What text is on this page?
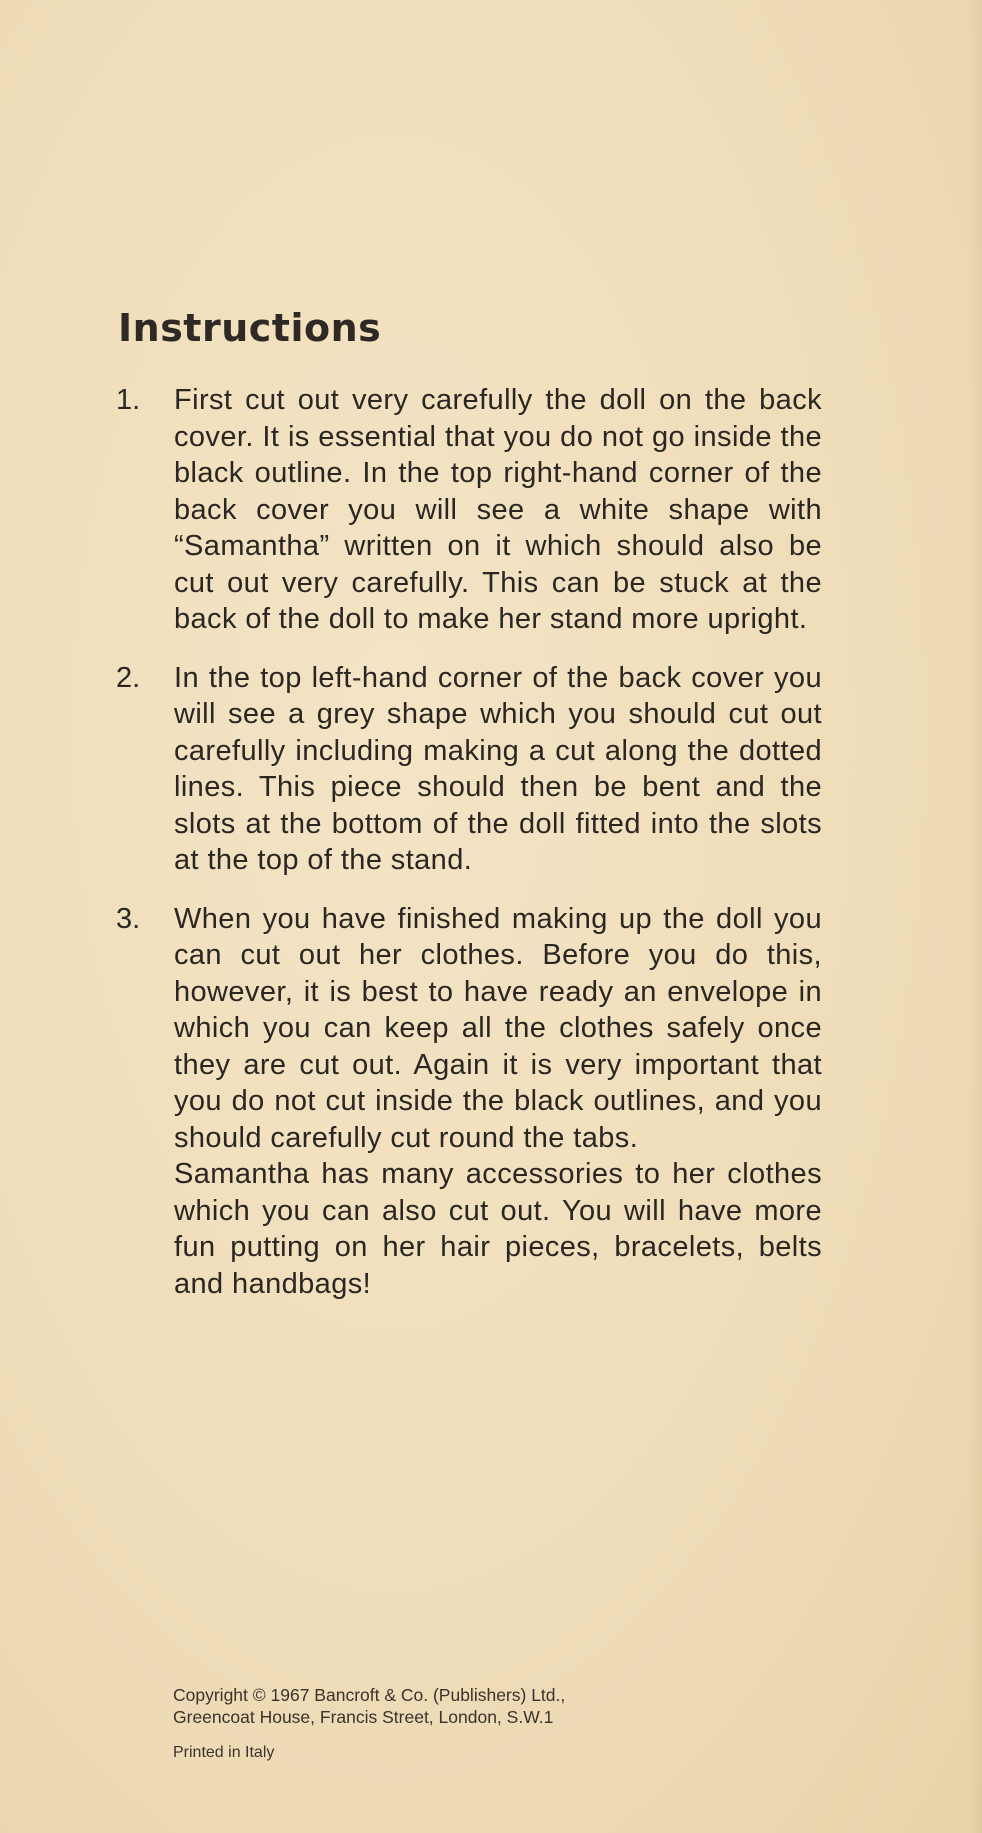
Instructions
1.	First cut out very carefully the doll on the back cover. It is essential that you do not go inside the black outline. In the top right-hand corner of the back cover you will see a white shape with “Samantha” written on it which should also be cut out very carefully. This can be stuck at the back of the doll to make her stand more upright.

2.	In the top left-hand corner of the back cover you will see a grey shape which you should cut out carefully including making a cut along the dotted lines. This piece should then be bent and the slots at the bottom of the doll fitted into the slots at the top of the stand.

3.	When you have finished making up the doll you can cut out her clothes. Before you do this, however, it is best to have ready an envelope in which you can keep all the clothes safely once they are cut out. Again it is very important that you do not cut inside the black outlines, and you should carefully cut round the tabs.

Samantha has many accessories to her clothes which you can also cut out. You will have more fun putting on her hair pieces, bracelets, belts and handbags!

Copyright © 1967 Bancroft & Co. (Publishers) Ltd.,

Greencoat House, Francis Street, London, S.W.1

Printed in Italy
